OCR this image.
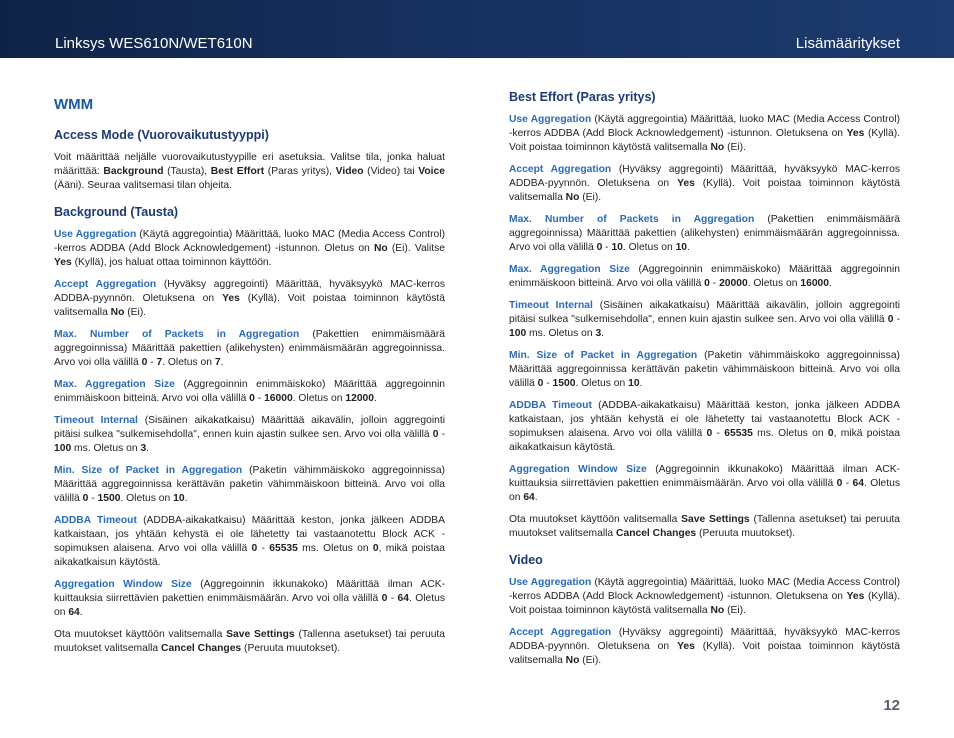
Linksys WES610N/WET610N	Lisämääritykset
WMM
Access Mode (Vuorovaikutustyyppi)

Voit määrittää neljälle vuorovaikutustyypille eri asetuksia. Valitse tila, jonka haluat määrittää: Background (Tausta), Best Effort (Paras yritys), Video (Video) tai Voice (Ääni). Seuraa valitsemasi tilan ohjeita.

Background (Tausta)

Use Aggregation (Käytä aggregointia) Määrittää, luoko MAC (Media Access Control) -kerros ADDBA (Add Block Acknowledgement) -istunnon. Oletus on No (Ei). Valitse Yes (Kyllä), jos haluat ottaa toiminnon käyttöön.

Accept Aggregation (Hyväksy aggregointi) Määrittää, hyväksyykö MAC-kerros ADDBA-pyynnön. Oletuksena on Yes (Kyllä). Voit poistaa toiminnon käytöstä valitsemalla No (Ei).

Max. Number of Packets in Aggregation (Pakettien enimmäismäärä aggregoinnissa) Määrittää pakettien (alikehysten) enimmäismäärän aggregoinnissa. Arvo voi olla välillä 0 - 7. Oletus on 7.

Max. Aggregation Size (Aggregoinnin enimmäiskoko) Määrittää aggregoinnin enimmäiskoon bitteinä. Arvo voi olla välillä 0 - 16000. Oletus on 12000.

Timeout Internal (Sisäinen aikakatkaisu) Määrittää aikavälin, jolloin aggregointi pitäisi sulkea "sulkemisehdolla", ennen kuin ajastin sulkee sen. Arvo voi olla välillä 0 - 100 ms. Oletus on 3.

Min. Size of Packet in Aggregation (Paketin vähimmäiskoko aggregoinnissa) Määrittää aggregoinnissa kerättävän paketin vähimmäiskoon bitteinä. Arvo voi olla välillä 0 - 1500. Oletus on 10.

ADDBA Timeout (ADDBA-aikakatkaisu) Määrittää keston, jonka jälkeen ADDBA katkaistaan, jos yhtään kehystä ei ole lähetetty tai vastaanotettu Block ACK -sopimuksen alaisena. Arvo voi olla välillä 0 - 65535 ms. Oletus on 0, mikä poistaa aikakatkaisun käytöstä.

Aggregation Window Size (Aggregoinnin ikkunakoko) Määrittää ilman ACK-kuittauksia siirrettävien pakettien enimmäismäärän. Arvo voi olla välillä 0 - 64. Oletus on 64.

Ota muutokset käyttöön valitsemalla Save Settings (Tallenna asetukset) tai peruuta muutokset valitsemalla Cancel Changes (Peruuta muutokset).

Best Effort (Paras yritys)

Use Aggregation (Käytä aggregointia) Määrittää, luoko MAC (Media Access Control) -kerros ADDBA (Add Block Acknowledgement) -istunnon. Oletuksena on Yes (Kyllä). Voit poistaa toiminnon käytöstä valitsemalla No (Ei).

Accept Aggregation (Hyväksy aggregointi) Määrittää, hyväksyykö MAC-kerros ADDBA-pyynnön. Oletuksena on Yes (Kyllä). Voit poistaa toiminnon käytöstä valitsemalla No (Ei).

Max. Number of Packets in Aggregation (Pakettien enimmäismäärä aggregoinnissa) Määrittää pakettien (alikehysten) enimmäismäärän aggregoinnissa. Arvo voi olla välillä 0 - 10. Oletus on 10.

Max. Aggregation Size (Aggregoinnin enimmäiskoko) Määrittää aggregoinnin enimmäiskoon bitteinä. Arvo voi olla välillä 0 - 20000. Oletus on 16000.

Timeout Internal (Sisäinen aikakatkaisu) Määrittää aikavälin, jolloin aggregointi pitäisi sulkea "sulkemisehdolla", ennen kuin ajastin sulkee sen. Arvo voi olla välillä 0 - 100 ms. Oletus on 3.

Min. Size of Packet in Aggregation (Paketin vähimmäiskoko aggregoinnissa) Määrittää aggregoinnissa kerättävän paketin vähimmäiskoon bitteinä. Arvo voi olla välillä 0 - 1500. Oletus on 10.

ADDBA Timeout (ADDBA-aikakatkaisu) Määrittää keston, jonka jälkeen ADDBA katkaistaan, jos yhtään kehystä ei ole lähetetty tai vastaanotettu Block ACK -sopimuksen alaisena. Arvo voi olla välillä 0 - 65535 ms. Oletus on 0, mikä poistaa aikakatkaisun käytöstä.

Aggregation Window Size (Aggregoinnin ikkunakoko) Määrittää ilman ACK-kuittauksia siirrettävien pakettien enimmäismäärän. Arvo voi olla välillä 0 - 64. Oletus on 64.

Ota muutokset käyttöön valitsemalla Save Settings (Tallenna asetukset) tai peruuta muutokset valitsemalla Cancel Changes (Peruuta muutokset).

Video

Use Aggregation (Käytä aggregointia) Määrittää, luoko MAC (Media Access Control) -kerros ADDBA (Add Block Acknowledgement) -istunnon. Oletuksena on Yes (Kyllä). Voit poistaa toiminnon käytöstä valitsemalla No (Ei).

Accept Aggregation (Hyväksy aggregointi) Määrittää, hyväksyykö MAC-kerros ADDBA-pyynnön. Oletuksena on Yes (Kyllä). Voit poistaa toiminnon käytöstä valitsemalla No (Ei).

12
